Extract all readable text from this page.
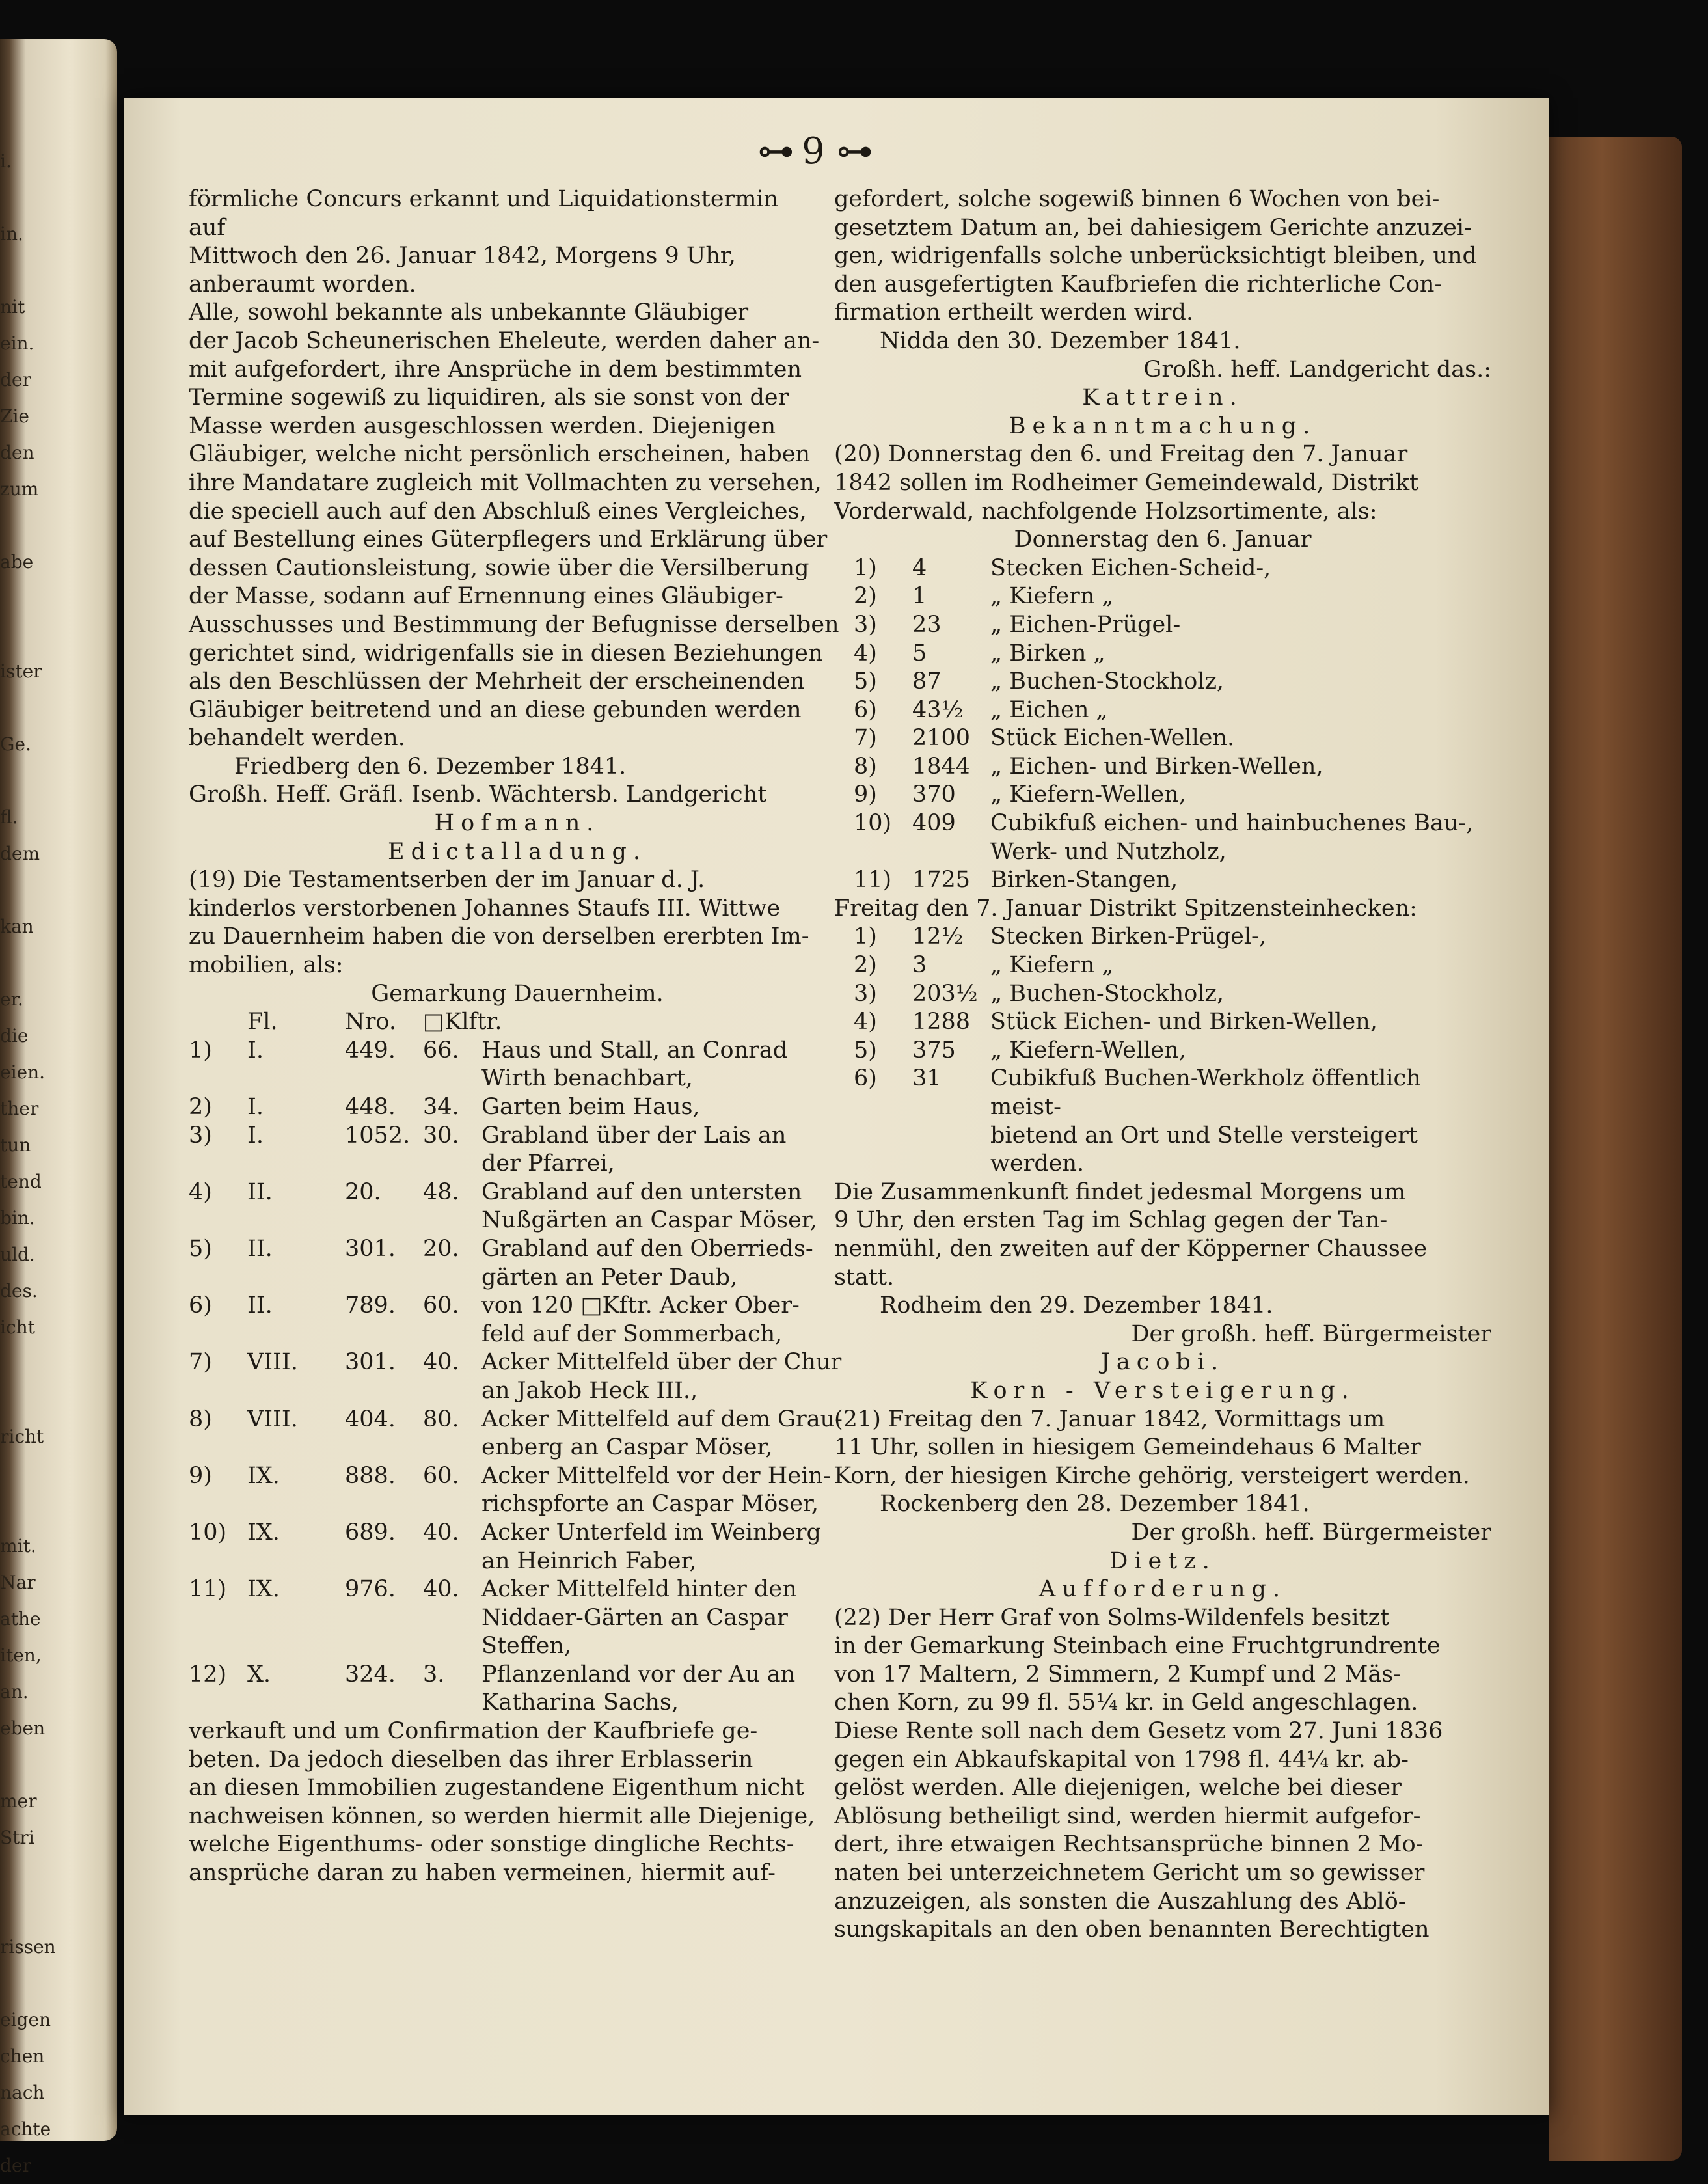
i.
in.
nit
ein.
der
Zie
den
zum
abe
ister
Ge.
fl.
dem
kan
er.
die
eien.
ther
tun
tend
bin.
uld.
des.
icht
richt
mit.
Nar
athe
iten,
an.
eben
mer
Stri
rissen
eigen
chen
nach
achte
der
⊶ 9 ⊶

förmliche Concurs erkannt und Liquidationstermin

auf

Mittwoch den 26. Januar 1842, Morgens 9 Uhr,

anberaumt worden.

Alle, sowohl bekannte als unbekannte Gläubiger

der Jacob Scheunerischen Eheleute, werden daher an-

mit aufgefordert, ihre Ansprüche in dem bestimmten

Termine sogewiß zu liquidiren, als sie sonst von der

Masse werden ausgeschlossen werden. Diejenigen

Gläubiger, welche nicht persönlich erscheinen, haben

ihre Mandatare zugleich mit Vollmachten zu versehen,

die speciell auch auf den Abschluß eines Vergleiches,

auf Bestellung eines Güterpflegers und Erklärung über

dessen Cautionsleistung, sowie über die Versilberung

der Masse, sodann auf Ernennung eines Gläubiger-

Ausschusses und Bestimmung der Befugnisse derselben

gerichtet sind, widrigenfalls sie in diesen Beziehungen

als den Beschlüssen der Mehrheit der erscheinenden

Gläubiger beitretend und an diese gebunden werden

behandelt werden.

Friedberg den 6. Dezember 1841.

Großh. Heff. Gräfl. Isenb. Wächtersb. Landgericht

Hofmann.

Edictalladung.

(19) Die Testamentserben der im Januar d. J.

kinderlos verstorbenen Johannes Staufs III. Wittwe

zu Dauernheim haben die von derselben ererbten Im-

mobilien, als:

Gemarkung Dauernheim.

Fl.	Nro.	□Klftr.
1)	I.	449.	66. Haus und Stall, an Conrad
Wirth benachbart,
2)	I.	448.	34. Garten beim Haus,
3)	I.	1052. 30. Grabland über der Lais an
der Pfarrei,
4)	II.	20.	48. Grabland auf den untersten
Nußgärten an Caspar Möser,
5)	II.	301.	20. Grabland auf den Oberrieds-
gärten an Peter Daub,
6)	II.	789.	60. von 120 □Kftr. Acker Ober-
feld auf der Sommerbach,
7)	VIII.	301.	40. Acker Mittelfeld über der Chur
an Jakob Heck III.,
8)	VIII.	404.	80. Acker Mittelfeld auf dem Grau-
enberg an Caspar Möser,
9)	IX.	888.	60. Acker Mittelfeld vor der Hein-
richspforte an Caspar Möser,
10) IX.	689.	40. Acker Unterfeld im Weinberg
an Heinrich Faber,
11) IX.	976.	40. Acker Mittelfeld hinter den
Niddaer-Gärten an Caspar
Steffen,
12) X.	324.	3.	Pflanzenland vor der Au an
Katharina Sachs,

verkauft und um Confirmation der Kaufbriefe ge-

beten. Da jedoch dieselben das ihrer Erblasserin

an diesen Immobilien zugestandene Eigenthum nicht

nachweisen können, so werden hiermit alle Diejenige,

welche Eigenthums- oder sonstige dingliche Rechts-

ansprüche daran zu haben vermeinen, hiermit auf-

gefordert, solche sogewiß binnen 6 Wochen von bei-

gesetztem Datum an, bei dahiesigem Gerichte anzuzei-

gen, widrigenfalls solche unberücksichtigt bleiben, und

den ausgefertigten Kaufbriefen die richterliche Con-

firmation ertheilt werden wird.

Nidda den 30. Dezember 1841.

Großh. heff. Landgericht das.:

Kattrein.

Bekanntmachung.

(20) Donnerstag den 6. und Freitag den 7. Januar

1842 sollen im Rodheimer Gemeindewald, Distrikt

Vorderwald, nachfolgende Holzsortimente, als:

Donnerstag den 6. Januar

1)	4	Stecken Eichen-Scheid-,
2)	1	„ Kiefern „
3)	23	„ Eichen-Prügel-
4)	5	„ Birken „
5)	87	„ Buchen-Stockholz,
6)	43½	„ Eichen „
7)	2100 Stück Eichen-Wellen.
8)	1844 „ Eichen- und Birken-Wellen,
9)	370	„ Kiefern-Wellen,
10) 409	Cubikfuß eichen- und hainbuchenes Bau-,
Werk- und Nutzholz,
11) 1725 Birken-Stangen,

Freitag den 7. Januar Distrikt Spitzensteinhecken:

1)	12½	Stecken Birken-Prügel-,
2)	3	„ Kiefern „
3)	203½ „ Buchen-Stockholz,
4)	1288 Stück Eichen- und Birken-Wellen,
5)	375	„ Kiefern-Wellen,
6)	31	Cubikfuß Buchen-Werkholz öffentlich meist-
bietend an Ort und Stelle versteigert werden.

Die Zusammenkunft findet jedesmal Morgens um

9 Uhr, den ersten Tag im Schlag gegen der Tan-

nenmühl, den zweiten auf der Köpperner Chaussee

statt.

Rodheim den 29. Dezember 1841.

Der großh. heff. Bürgermeister

Jacobi.

Korn - Versteigerung.

(21) Freitag den 7. Januar 1842, Vormittags um

11 Uhr, sollen in hiesigem Gemeindehaus 6 Malter

Korn, der hiesigen Kirche gehörig, versteigert werden.

Rockenberg den 28. Dezember 1841.

Der großh. heff. Bürgermeister

Dietz.

Aufforderung.

(22) Der Herr Graf von Solms-Wildenfels besitzt

in der Gemarkung Steinbach eine Fruchtgrundrente

von 17 Maltern, 2 Simmern, 2 Kumpf und 2 Mäs-

chen Korn, zu 99 fl. 55¼ kr. in Geld angeschlagen.

Diese Rente soll nach dem Gesetz vom 27. Juni 1836

gegen ein Abkaufskapital von 1798 fl. 44¼ kr. ab-

gelöst werden. Alle diejenigen, welche bei dieser

Ablösung betheiligt sind, werden hiermit aufgefor-

dert, ihre etwaigen Rechtsansprüche binnen 2 Mo-

naten bei unterzeichnetem Gericht um so gewisser

anzuzeigen, als sonsten die Auszahlung des Ablö-

sungskapitals an den oben benannten Berechtigten
